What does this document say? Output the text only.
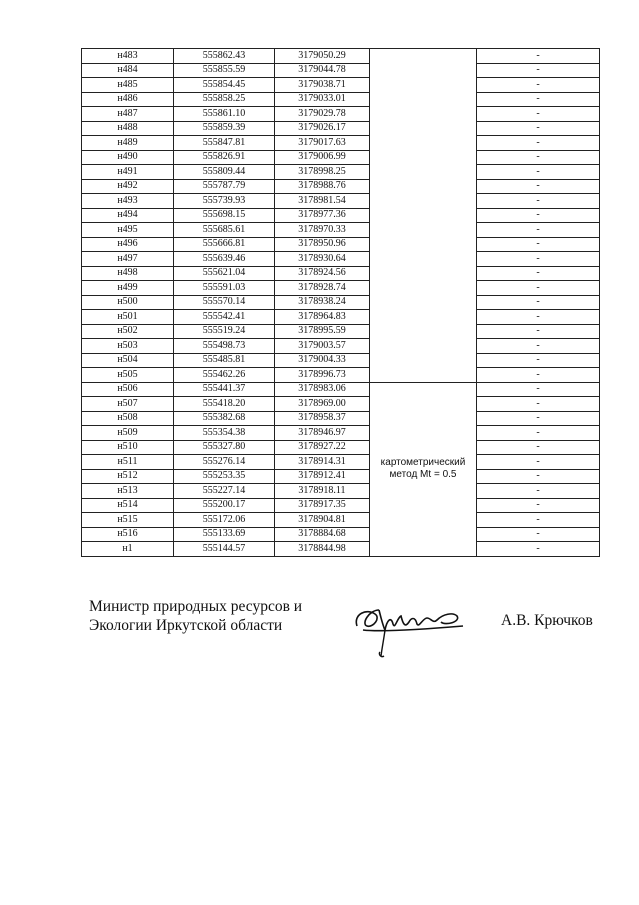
н483	555862.43	3179050.29		-
н484	555855.59	3179044.78		-
н485	555854.45	3179038.71		-
н486	555858.25	3179033.01		-
н487	555861.10	3179029.78		-
н488	555859.39	3179026.17		-
н489	555847.81	3179017.63		-
н490	555826.91	3179006.99		-
н491	555809.44	3178998.25		-
н492	555787.79	3178988.76		-
н493	555739.93	3178981.54		-
н494	555698.15	3178977.36		-
н495	555685.61	3178970.33		-
н496	555666.81	3178950.96		-
н497	555639.46	3178930.64		-
н498	555621.04	3178924.56		-
н499	555591.03	3178928.74		-
н500	555570.14	3178938.24		-
н501	555542.41	3178964.83		-
н502	555519.24	3178995.59		-
н503	555498.73	3179003.57		-
н504	555485.81	3179004.33		-
н505	555462.26	3178996.73		-
н506	555441.37	3178983.06	картометрический
метод Mt = 0.5	-
н507	555418.20	3178969.00		-
н508	555382.68	3178958.37		-
н509	555354.38	3178946.97		-
н510	555327.80	3178927.22		-
н511	555276.14	3178914.31		-
н512	555253.35	3178912.41		-
н513	555227.14	3178918.11		-
н514	555200.17	3178917.35		-
н515	555172.06	3178904.81		-
н516	555133.69	3178884.68		-
н1	555144.57	3178844.98		-
Министр природных ресурсов и
Экологии Иркутской области	А.В. Крючков
